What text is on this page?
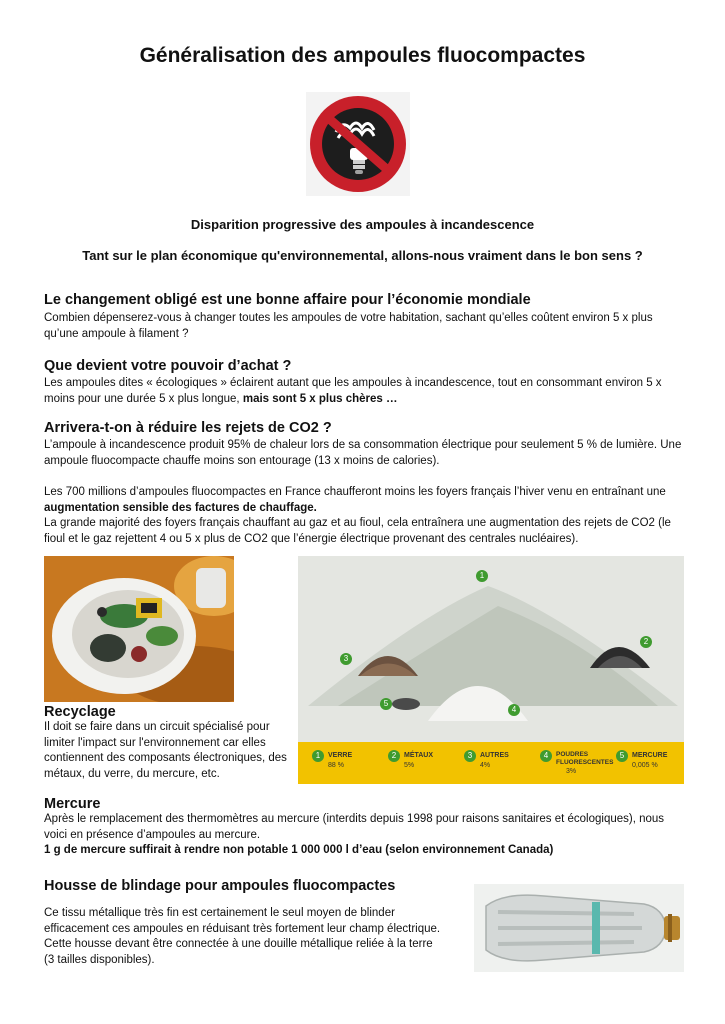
Généralisation des ampoules fluocompactes

Disparition progressive des ampoules à incandescence

Tant sur le plan économique qu'environnemental, allons-nous vraiment dans le bon sens ?

Le changement obligé est une bonne affaire pour l’économie mondiale

Combien dépenserez-vous à changer toutes les ampoules de votre habitation, sachant qu’elles coûtent environ 5 x plus qu’une ampoule à filament ?

Que devient votre pouvoir d’achat ?

Les ampoules dites « écologiques » éclairent autant que les ampoules à incandescence, tout en consommant environ 5 x moins pour une durée 5 x plus longue, mais sont 5 x plus chères …

Arrivera-t-on à réduire les rejets de CO2 ?

L’ampoule à incandescence produit 95% de chaleur lors de sa consommation électrique pour seulement 5 % de lumière. Une ampoule fluocompacte chauffe moins son entourage (13 x moins de calories).

Les 700 millions d’ampoules fluocompactes en France chaufferont moins les foyers français l’hiver venu en entraînant une augmentation sensible des factures de chauffage.

La grande majorité des foyers français chauffant au gaz et au fioul, cela entraînera une augmentation des rejets de CO2 (le fioul et le gaz rejettent 4 ou 5 x plus de CO2 que l’énergie électrique provenant des centrales nucléaires).

1
2
3
4
5
1 VERRE
88 %
2 MÉTAUX
5%
3 AUTRES
4%
4 POUDRES FLUORESCENTES
3%
5 MERCURE
0,005 %
Recyclage

Il doit se faire dans un circuit spécialisé pour limiter l'impact sur l'environnement car elles contiennent des composants électroniques, des métaux, du verre, du mercure, etc.

Mercure

Après le remplacement des thermomètres au mercure (interdits depuis 1998 pour raisons sanitaires et écologiques), nous voici en présence d’ampoules au mercure.

1 g de mercure suffirait à rendre non potable 1 000 000 l d’eau (selon environnement Canada)

Housse de blindage pour ampoules fluocompactes

Ce tissu métallique très fin est certainement le seul moyen de blinder efficacement ces ampoules en réduisant très fortement leur champ électrique. Cette housse devant être connectée à une douille métallique reliée à la terre (3 tailles disponibles).
